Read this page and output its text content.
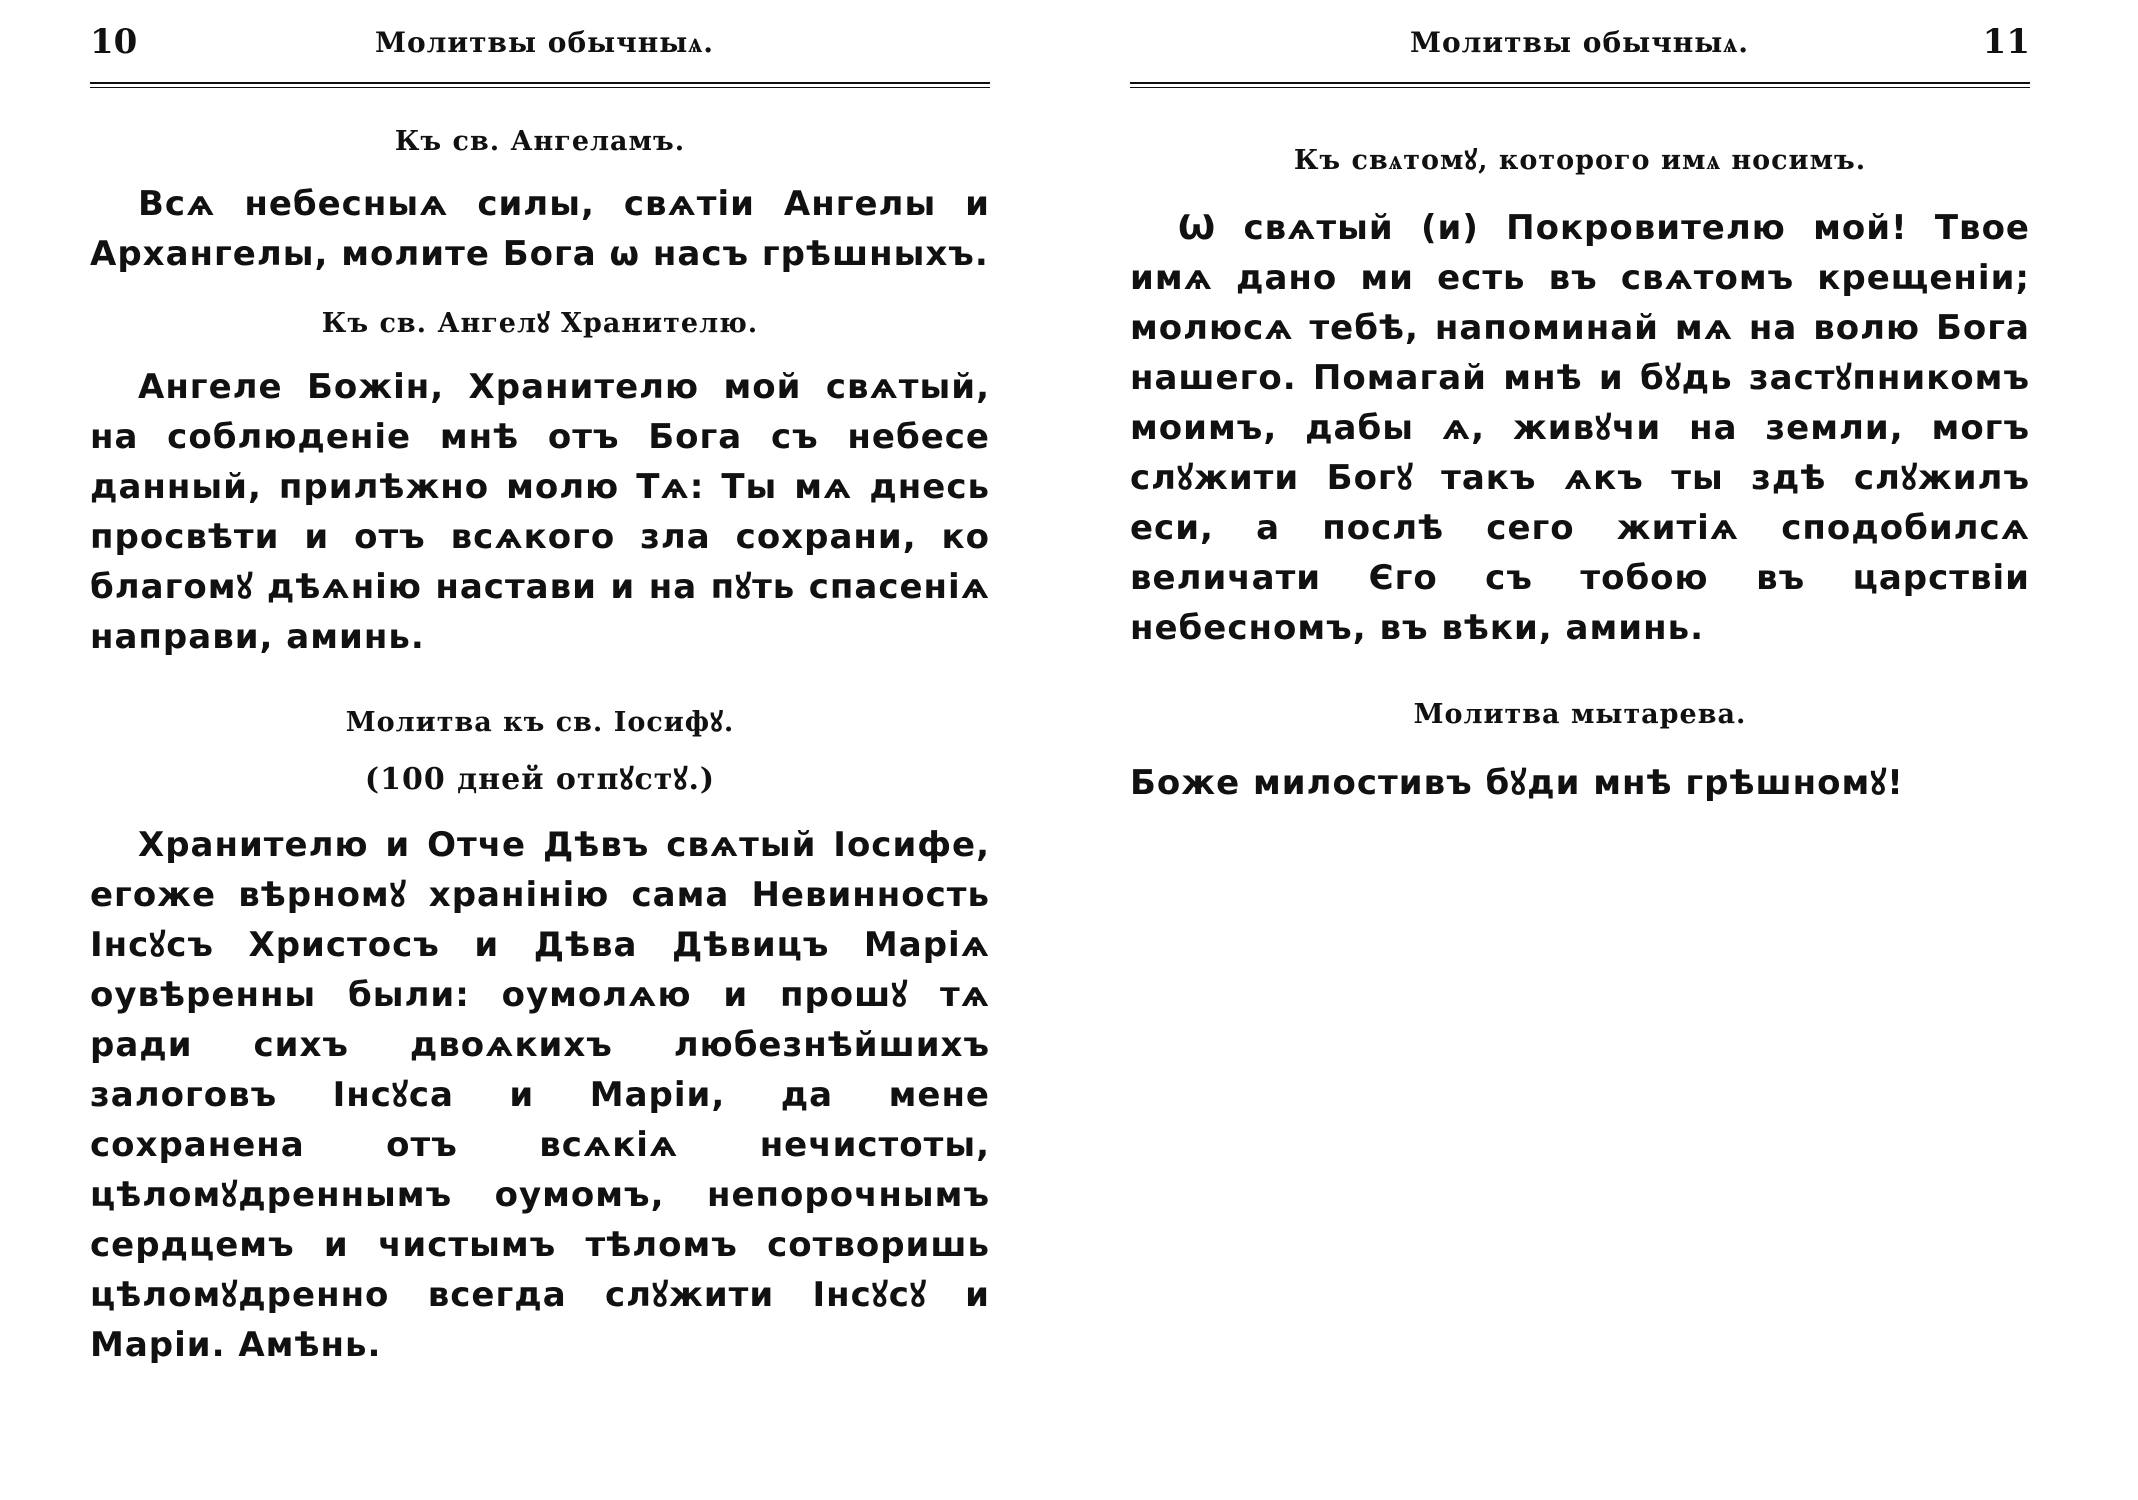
10	Молитвы обычныѧ.

Къ св. Ангеламъ.

Всѧ небесныѧ силы, свѧтіи Ангелы и Архангелы, молите Бога ѡ насъ грѣшныхъ.

Къ св. Ангелꙋ Хранителю.

Ангеле Божін, Хранителю мой свѧтый, на соблюденіе мнѣ отъ Бога съ небесе данный, прилѣжно молю Тѧ: Ты мѧ днесь просвѣти и отъ всѧкого зла сохрани, ко благомꙋ дѣѧнію настави и на пꙋть спасеніѧ направи, аминь.

Молитва къ св. Іосифꙋ.

(100 дней отпꙋстꙋ.)

Хранителю и Отче Дѣвъ свѧтый Іосифе, егоже вѣрномꙋ хранінію сама Невинность Інсꙋсъ Христосъ и Дѣва Дѣвицъ Маріѧ оувѣренны были: оумолѧю и прошꙋ тѧ ради сихъ двоѧкихъ любезнѣйшихъ залоговъ Інсꙋса и Маріи, да мене сохранена отъ всѧкіѧ нечистоты, цѣломꙋдреннымъ оумомъ, непорочнымъ сердцемъ и чистымъ тѣломъ сотворишь цѣломꙋдренно всегда слꙋжити Інсꙋсꙋ и Маріи. Амѣнь.

Молитвы обычныѧ.	11

Къ свѧтомꙋ, которого имѧ носимъ.

Ѡ свѧтый (и) Покровителю мой! Твое имѧ дано ми есть въ свѧтомъ крещеніи; молюсѧ тебѣ, напоминай мѧ на волю Бога нашего. Помагай мнѣ и бꙋдь застꙋпникомъ моимъ, дабы ѧ, живꙋчи на земли, могъ слꙋжити Богꙋ такъ ѧкъ ты здѣ слꙋжилъ еси, а послѣ сего житіѧ сподобилсѧ величати Єго съ тобою въ царствіи небесномъ, въ вѣки, аминь.

Молитва мытарева.

Боже милостивъ бꙋди мнѣ грѣшномꙋ!
